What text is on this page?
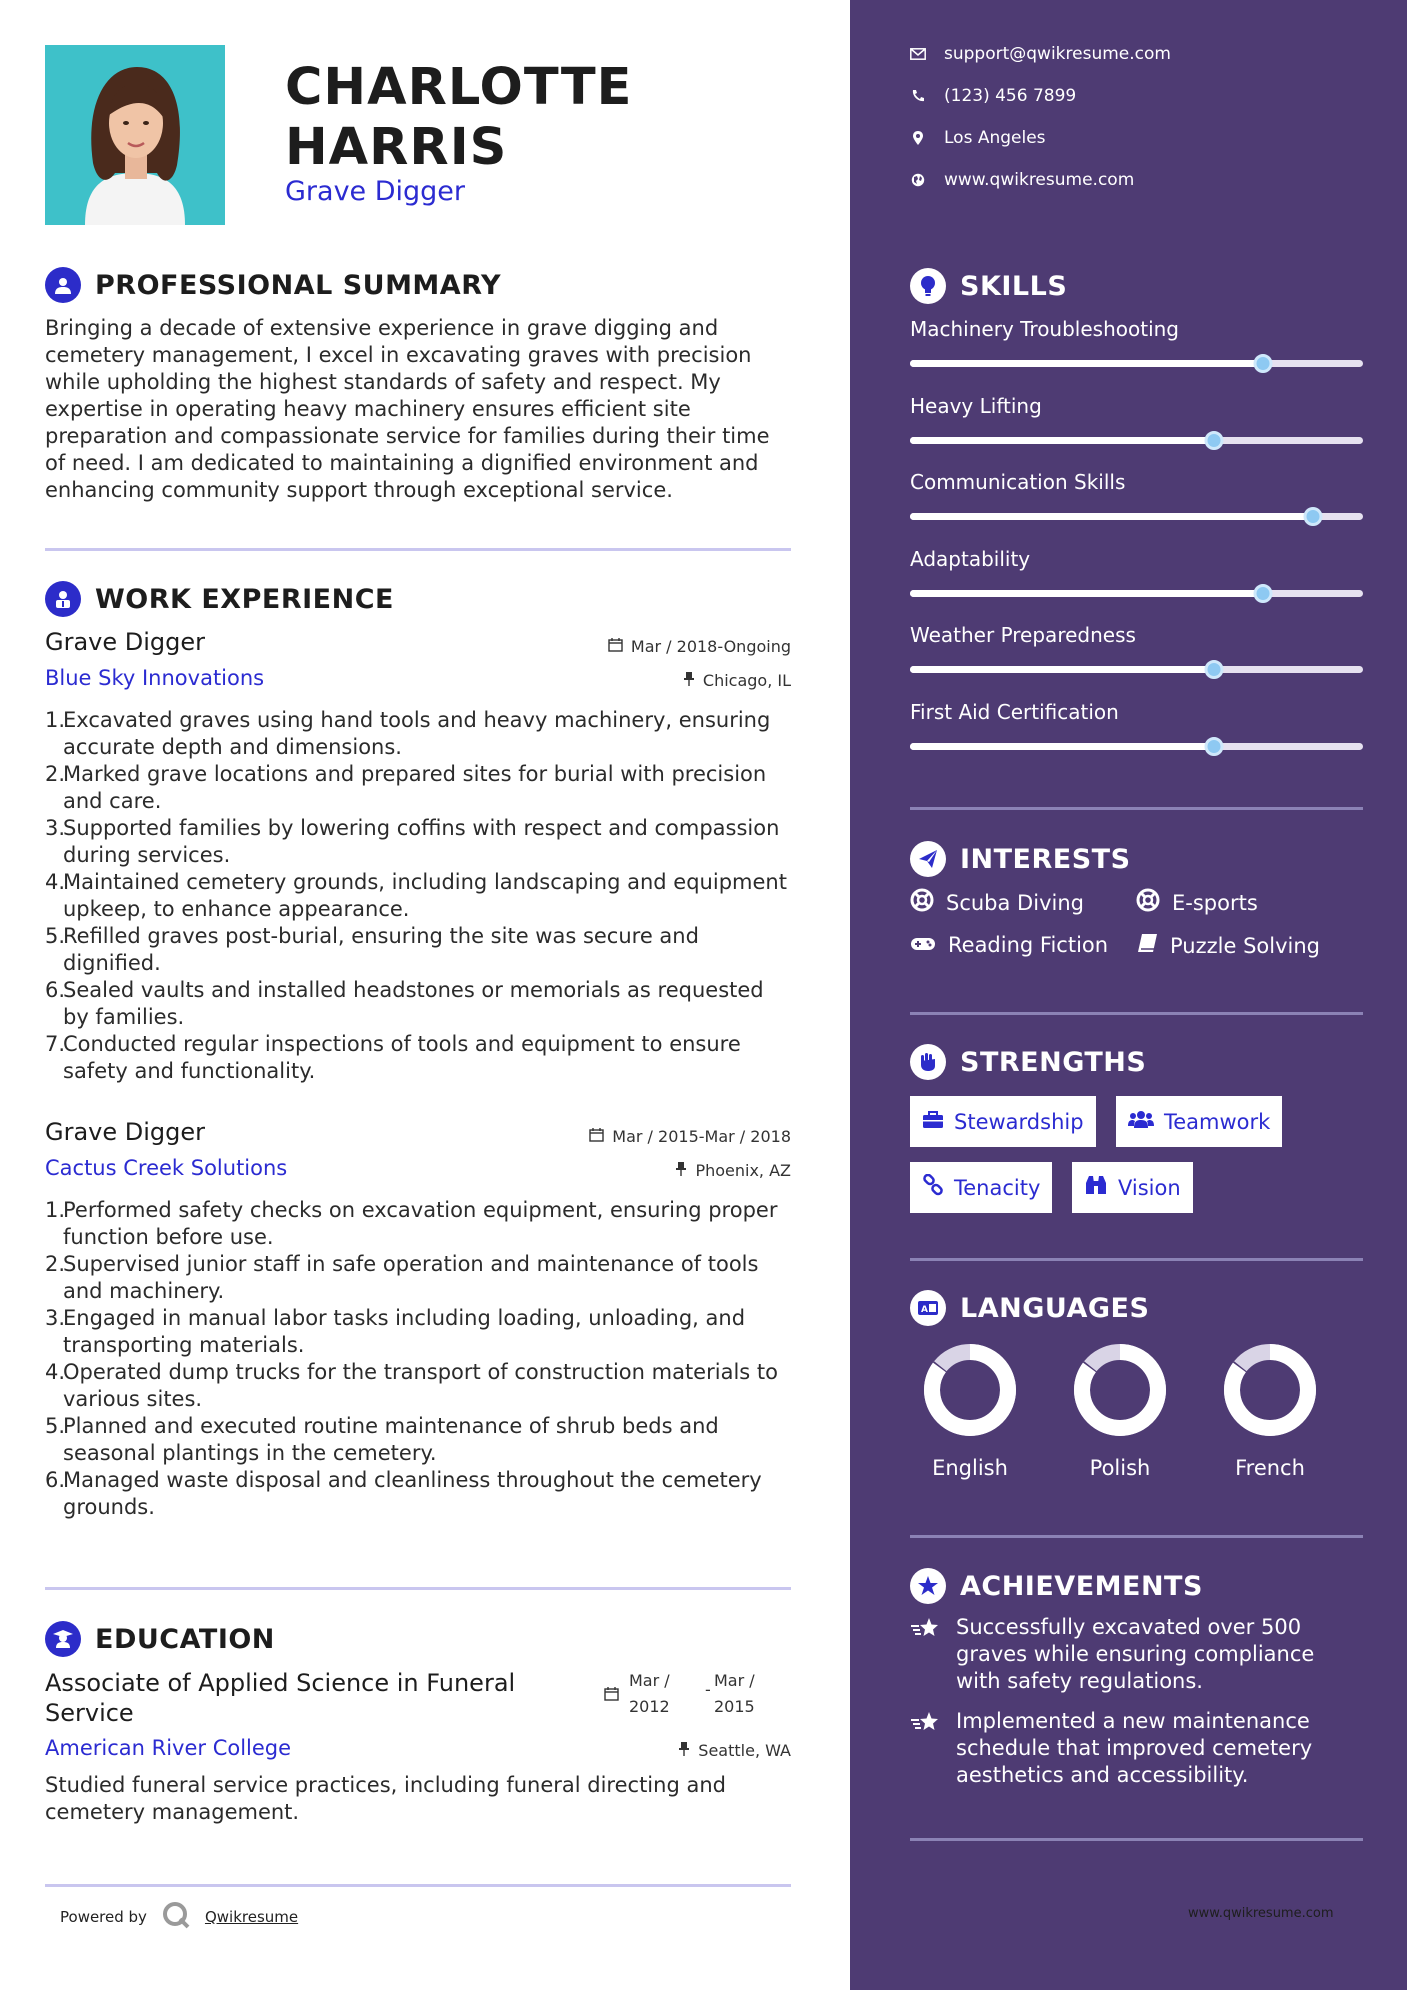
CHARLOTTE
HARRIS
Grave Digger
PROFESSIONAL SUMMARY
Bringing a decade of extensive experience in grave digging and cemetery management, I excel in excavating graves with precision while upholding the highest standards of safety and respect. My expertise in operating heavy machinery ensures efficient site preparation and compassionate service for families during their time of need. I am dedicated to maintaining a dignified environment and enhancing community support through exceptional service.
WORK EXPERIENCE
Grave Digger	Mar / 2018-Ongoing
Blue Sky Innovations	Chicago, IL
1.
Excavated graves using hand tools and heavy machinery, ensuring accurate depth and dimensions.
2.
Marked grave locations and prepared sites for burial with precision and care.
3.
Supported families by lowering coffins with respect and compassion during services.
4.
Maintained cemetery grounds, including landscaping and equipment upkeep, to enhance appearance.
5.
Refilled graves post-burial, ensuring the site was secure and dignified.
6.
Sealed vaults and installed headstones or memorials as requested by families.
7.
Conducted regular inspections of tools and equipment to ensure safety and functionality.
Grave Digger	Mar / 2015-Mar / 2018
Cactus Creek Solutions	Phoenix, AZ
1.
Performed safety checks on excavation equipment, ensuring proper function before use.
2.
Supervised junior staff in safe operation and maintenance of tools and machinery.
3.
Engaged in manual labor tasks including loading, unloading, and transporting materials.
4.
Operated dump trucks for the transport of construction materials to various sites.
5.
Planned and executed routine maintenance of shrub beds and seasonal plantings in the cemetery.
6.
Managed waste disposal and cleanliness throughout the cemetery grounds.
EDUCATION
Associate of Applied Science in Funeral
Service
Mar /
2012
- Mar /
2015
American River College	Seattle, WA
Studied funeral service practices, including funeral directing and cemetery management.
Powered by	Qwikresume
support@qwikresume.com
(123) 456 7899
Los Angeles
www.qwikresume.com
SKILLS
Machinery Troubleshooting
Heavy Lifting
Communication Skills
Adaptability
Weather Preparedness
First Aid Certification
INTERESTS
Scuba Diving	E-sports
Reading Fiction	Puzzle Solving
STRENGTHS
Stewardship	Teamwork
Tenacity	Vision
A LANGUAGES
English	Polish	French
ACHIEVEMENTS
Successfully excavated over 500 graves while ensuring compliance with safety regulations.
Implemented a new maintenance schedule that improved cemetery aesthetics and accessibility.
www.qwikresume.com
